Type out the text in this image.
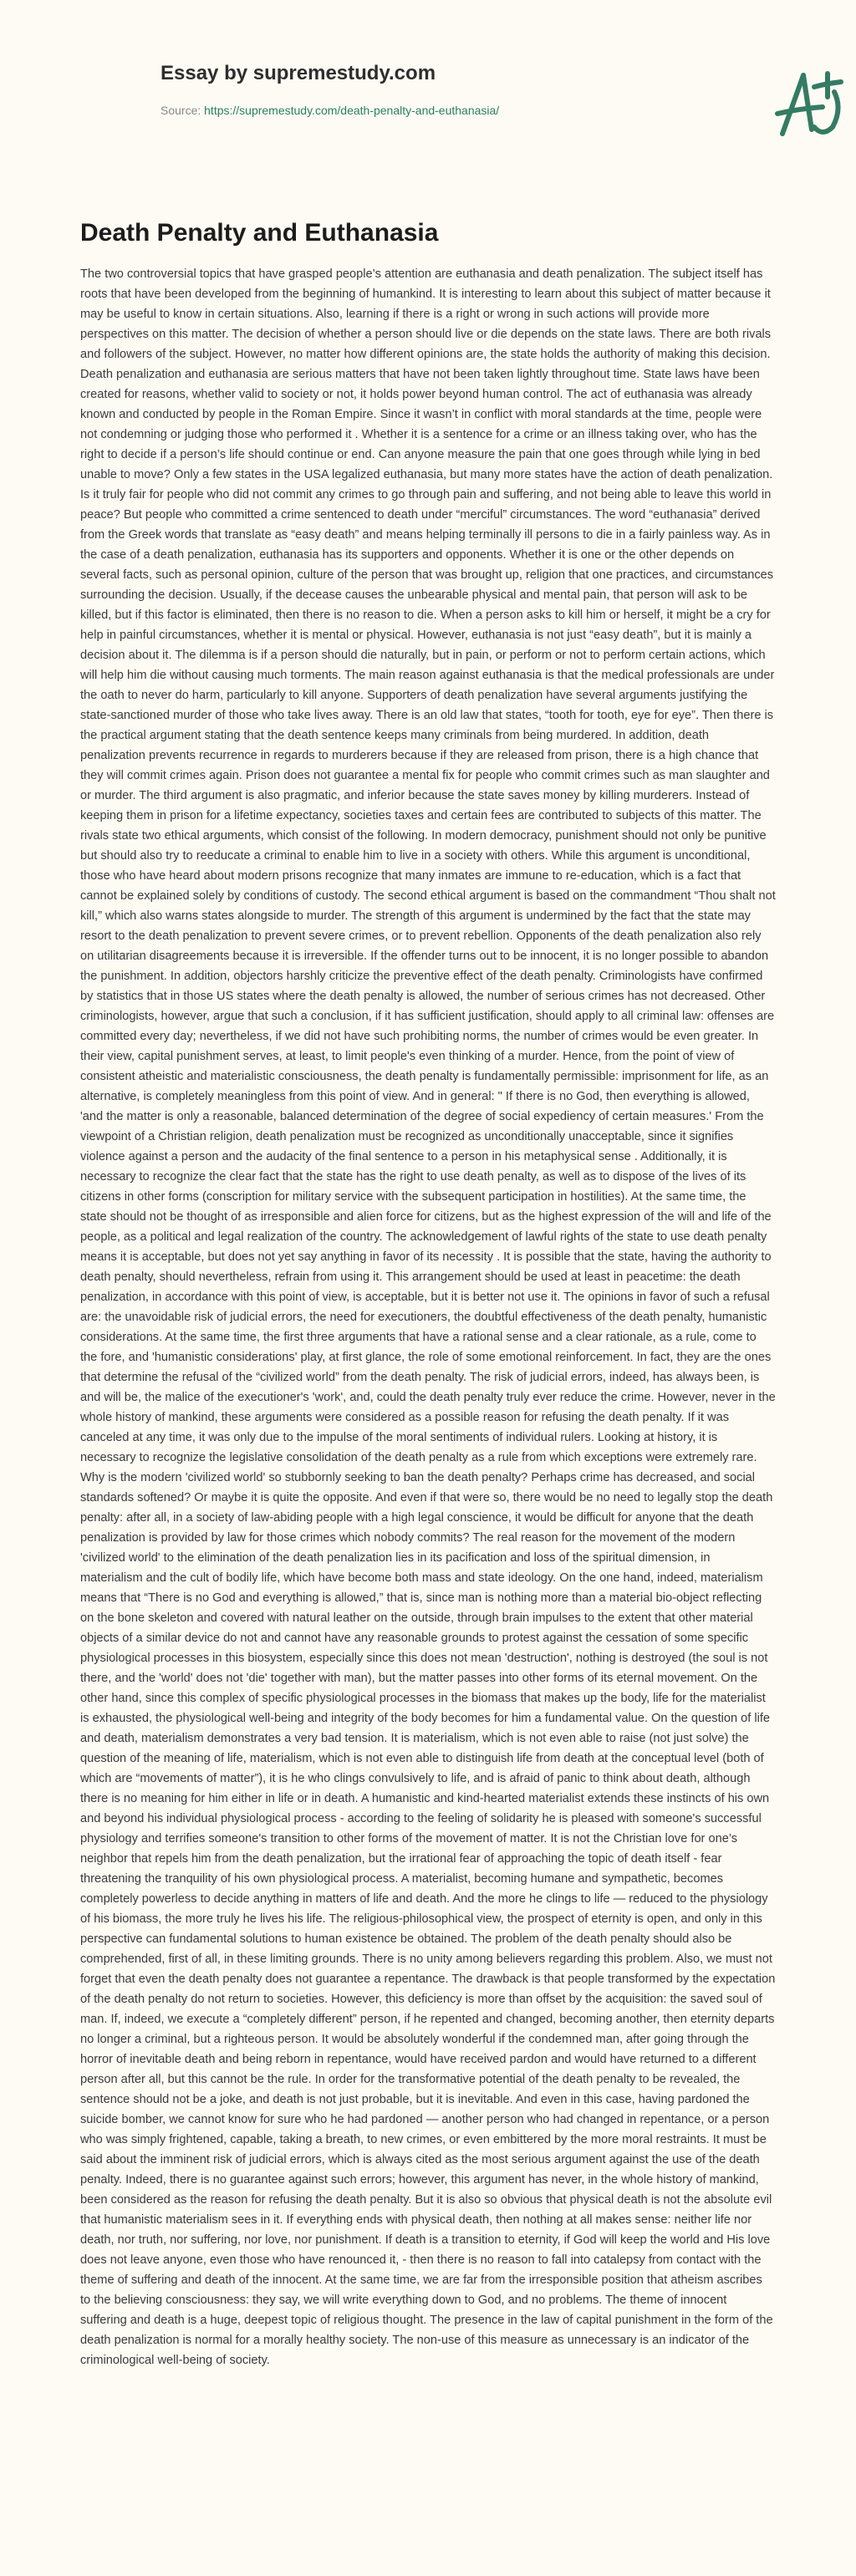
Essay by supremestudy.com
Source: https://supremestudy.com/death-penalty-and-euthanasia/
Death Penalty and Euthanasia

The two controversial topics that have grasped people’s attention are euthanasia and death penalization. The subject itself has roots that have been developed from the beginning of humankind. It is interesting to learn about this subject of matter because it may be useful to know in certain situations. Also, learning if there is a right or wrong in such actions will provide more perspectives on this matter. The decision of whether a person should live or die depends on the state laws. There are both rivals and followers of the subject. However, no matter how different opinions are, the state holds the authority of making this decision. Death penalization and euthanasia are serious matters that have not been taken lightly throughout time. State laws have been created for reasons, whether valid to society or not, it holds power beyond human control. The act of euthanasia was already known and conducted by people in the Roman Empire. Since it wasn’t in conflict with moral standards at the time, people were not condemning or judging those who performed it . Whether it is a sentence for a crime or an illness taking over, who has the right to decide if a person’s life should continue or end. Can anyone measure the pain that one goes through while lying in bed unable to move? Only a few states in the USA legalized euthanasia, but many more states have the action of death penalization. Is it truly fair for people who did not commit any crimes to go through pain and suffering, and not being able to leave this world in peace? But people who committed a crime sentenced to death under “merciful” circumstances. The word “euthanasia” derived from the Greek words that translate as “easy death” and means helping terminally ill persons to die in a fairly painless way. As in the case of a death penalization, euthanasia has its supporters and opponents. Whether it is one or the other depends on several facts, such as personal opinion, culture of the person that was brought up, religion that one practices, and circumstances surrounding the decision. Usually, if the decease causes the unbearable physical and mental pain, that person will ask to be killed, but if this factor is eliminated, then there is no reason to die. When a person asks to kill him or herself, it might be a cry for help in painful circumstances, whether it is mental or physical. However, euthanasia is not just “easy death”, but it is mainly a decision about it. The dilemma is if a person should die naturally, but in pain, or perform or not to perform certain actions, which will help him die without causing much torments. The main reason against euthanasia is that the medical professionals are under the oath to never do harm, particularly to kill anyone. Supporters of death penalization have several arguments justifying the state-sanctioned murder of those who take lives away. There is an old law that states, “tooth for tooth, eye for eye”. Then there is the practical argument stating that the death sentence keeps many criminals from being murdered. In addition, death penalization prevents recurrence in regards to murderers because if they are released from prison, there is a high chance that they will commit crimes again. Prison does not guarantee a mental fix for people who commit crimes such as man slaughter and or murder. The third argument is also pragmatic, and inferior because the state saves money by killing murderers. Instead of keeping them in prison for a lifetime expectancy, societies taxes and certain fees are contributed to subjects of this matter. The rivals state two ethical arguments, which consist of the following. In modern democracy, punishment should not only be punitive but should also try to reeducate a criminal to enable him to live in a society with others. While this argument is unconditional, those who have heard about modern prisons recognize that many inmates are immune to re-education, which is a fact that cannot be explained solely by conditions of custody. The second ethical argument is based on the commandment “Thou shalt not kill,” which also warns states alongside to murder. The strength of this argument is undermined by the fact that the state may resort to the death penalization to prevent severe crimes, or to prevent rebellion. Opponents of the death penalization also rely on utilitarian disagreements because it is irreversible. If the offender turns out to be innocent, it is no longer possible to abandon the punishment. In addition, objectors harshly criticize the preventive effect of the death penalty. Criminologists have confirmed by statistics that in those US states where the death penalty is allowed, the number of serious crimes has not decreased. Other criminologists, however, argue that such a conclusion, if it has sufficient justification, should apply to all criminal law: offenses are committed every day; nevertheless, if we did not have such prohibiting norms, the number of crimes would be even greater. In their view, capital punishment serves, at least, to limit people's even thinking of a murder. Hence, from the point of view of consistent atheistic and materialistic consciousness, the death penalty is fundamentally permissible: imprisonment for life, as an alternative, is completely meaningless from this point of view. And in general: " If there is no God, then everything is allowed, 'and the matter is only a reasonable, balanced determination of the degree of social expediency of certain measures.' From the viewpoint of a Christian religion, death penalization must be recognized as unconditionally unacceptable, since it signifies violence against a person and the audacity of the final sentence to a person in his metaphysical sense . Additionally, it is necessary to recognize the clear fact that the state has the right to use death penalty, as well as to dispose of the lives of its citizens in other forms (conscription for military service with the subsequent participation in hostilities). At the same time, the state should not be thought of as irresponsible and alien force for citizens, but as the highest expression of the will and life of the people, as a political and legal realization of the country. The acknowledgement of lawful rights of the state to use death penalty means it is acceptable, but does not yet say anything in favor of its necessity . It is possible that the state, having the authority to death penalty, should nevertheless, refrain from using it. This arrangement should be used at least in peacetime: the death penalization, in accordance with this point of view, is acceptable, but it is better not use it. The opinions in favor of such a refusal are: the unavoidable risk of judicial errors, the need for executioners, the doubtful effectiveness of the death penalty, humanistic considerations. At the same time, the first three arguments that have a rational sense and a clear rationale, as a rule, come to the fore, and 'humanistic considerations' play, at first glance, the role of some emotional reinforcement. In fact, they are the ones that determine the refusal of the “civilized world” from the death penalty. The risk of judicial errors, indeed, has always been, is and will be, the malice of the executioner's 'work', and, could the death penalty truly ever reduce the crime. However, never in the whole history of mankind, these arguments were considered as a possible reason for refusing the death penalty. If it was canceled at any time, it was only due to the impulse of the moral sentiments of individual rulers. Looking at history, it is necessary to recognize the legislative consolidation of the death penalty as a rule from which exceptions were extremely rare. Why is the modern 'civilized world' so stubbornly seeking to ban the death penalty? Perhaps crime has decreased, and social standards softened? Or maybe it is quite the opposite. And even if that were so, there would be no need to legally stop the death penalty: after all, in a society of law-abiding people with a high legal conscience, it would be difficult for anyone that the death penalization is provided by law for those crimes which nobody commits? The real reason for the movement of the modern 'civilized world' to the elimination of the death penalization lies in its pacification and loss of the spiritual dimension, in materialism and the cult of bodily life, which have become both mass and state ideology. On the one hand, indeed, materialism means that “There is no God and everything is allowed,” that is, since man is nothing more than a material bio-object reflecting on the bone skeleton and covered with natural leather on the outside, through brain impulses to the extent that other material objects of a similar device do not and cannot have any reasonable grounds to protest against the cessation of some specific physiological processes in this biosystem, especially since this does not mean 'destruction', nothing is destroyed (the soul is not there, and the 'world' does not 'die' together with man), but the matter passes into other forms of its eternal movement. On the other hand, since this complex of specific physiological processes in the biomass that makes up the body, life for the materialist is exhausted, the physiological well-being and integrity of the body becomes for him a fundamental value. On the question of life and death, materialism demonstrates a very bad tension. It is materialism, which is not even able to raise (not just solve) the question of the meaning of life, materialism, which is not even able to distinguish life from death at the conceptual level (both of which are “movements of matter”), it is he who clings convulsively to life, and is afraid of panic to think about death, although there is no meaning for him either in life or in death. A humanistic and kind-hearted materialist extends these instincts of his own and beyond his individual physiological process - according to the feeling of solidarity he is pleased with someone's successful physiology and terrifies someone's transition to other forms of the movement of matter. It is not the Christian love for one’s neighbor that repels him from the death penalization, but the irrational fear of approaching the topic of death itself - fear threatening the tranquility of his own physiological process. A materialist, becoming humane and sympathetic, becomes completely powerless to decide anything in matters of life and death. And the more he clings to life — reduced to the physiology of his biomass, the more truly he lives his life. The religious-philosophical view, the prospect of eternity is open, and only in this perspective can fundamental solutions to human existence be obtained. The problem of the death penalty should also be comprehended, first of all, in these limiting grounds. There is no unity among believers regarding this problem. Also, we must not forget that even the death penalty does not guarantee a repentance. The drawback is that people transformed by the expectation of the death penalty do not return to societies. However, this deficiency is more than offset by the acquisition: the saved soul of man. If, indeed, we execute a “completely different” person, if he repented and changed, becoming another, then eternity departs no longer a criminal, but a righteous person. It would be absolutely wonderful if the condemned man, after going through the horror of inevitable death and being reborn in repentance, would have received pardon and would have returned to a different person after all, but this cannot be the rule. In order for the transformative potential of the death penalty to be revealed, the sentence should not be a joke, and death is not just probable, but it is inevitable. And even in this case, having pardoned the suicide bomber, we cannot know for sure who he had pardoned — another person who had changed in repentance, or a person who was simply frightened, capable, taking a breath, to new crimes, or even embittered by the more moral restraints. It must be said about the imminent risk of judicial errors, which is always cited as the most serious argument against the use of the death penalty. Indeed, there is no guarantee against such errors; however, this argument has never, in the whole history of mankind, been considered as the reason for refusing the death penalty. But it is also so obvious that physical death is not the absolute evil that humanistic materialism sees in it. If everything ends with physical death, then nothing at all makes sense: neither life nor death, nor truth, nor suffering, nor love, nor punishment. If death is a transition to eternity, if God will keep the world and His love does not leave anyone, even those who have renounced it, - then there is no reason to fall into catalepsy from contact with the theme of suffering and death of the innocent. At the same time, we are far from the irresponsible position that atheism ascribes to the believing consciousness: they say, we will write everything down to God, and no problems. The theme of innocent suffering and death is a huge, deepest topic of religious thought. The presence in the law of capital punishment in the form of the death penalization is normal for a morally healthy society. The non-use of this measure as unnecessary is an indicator of the criminological well-being of society.
